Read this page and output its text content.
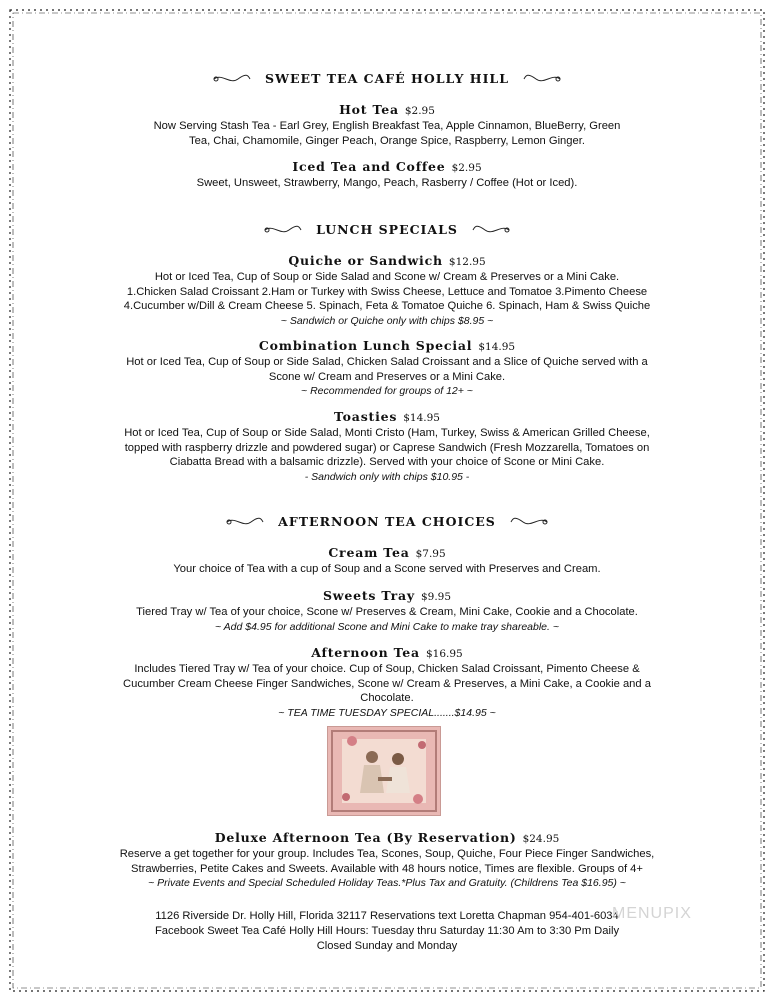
SWEET TEA CAFÉ HOLLY HILL
Hot Tea $2.95
Now Serving Stash Tea - Earl Grey, English Breakfast Tea, Apple Cinnamon, BlueBerry, Green Tea, Chai, Chamomile, Ginger Peach, Orange Spice, Raspberry, Lemon Ginger.
Iced Tea and Coffee $2.95
Sweet, Unsweet, Strawberry, Mango, Peach, Rasberry / Coffee (Hot or Iced).
LUNCH SPECIALS
Quiche or Sandwich $12.95
Hot or Iced Tea, Cup of Soup or Side Salad and Scone w/ Cream & Preserves or a Mini Cake.
1.Chicken Salad Croissant 2.Ham or Turkey with Swiss Cheese, Lettuce and Tomatoe 3.Pimento Cheese
4.Cucumber w/Dill & Cream Cheese 5. Spinach, Feta & Tomatoe Quiche 6. Spinach, Ham & Swiss Quiche
~ Sandwich or Quiche only with chips $8.95 ~
Combination Lunch Special $14.95
Hot or Iced Tea, Cup of Soup or Side Salad, Chicken Salad Croissant and a Slice of Quiche served with a
Scone w/ Cream and Preserves or a Mini Cake.
~ Recommended for groups of 12+ ~
Toasties $14.95
Hot or Iced Tea, Cup of Soup or Side Salad, Monti Cristo (Ham, Turkey, Swiss & American Grilled Cheese,
topped with raspberry drizzle and powdered sugar) or Caprese Sandwich (Fresh Mozzarella, Tomatoes on
Ciabatta Bread with a balsamic drizzle). Served with your choice of Scone or Mini Cake.
- Sandwich only with chips $10.95 -
AFTERNOON TEA CHOICES
Cream Tea $7.95
Your choice of Tea with a cup of Soup and a Scone served with Preserves and Cream.
Sweets Tray $9.95
Tiered Tray w/ Tea of your choice, Scone w/ Preserves & Cream, Mini Cake, Cookie and a Chocolate.
~ Add $4.95 for additional Scone and Mini Cake to make tray shareable. ~
Afternoon Tea $16.95
Includes Tiered Tray w/ Tea of your choice. Cup of Soup, Chicken Salad Croissant, Pimento Cheese &
Cucumber Cream Cheese Finger Sandwiches, Scone w/ Cream & Preserves, a Mini Cake, a Cookie and a
Chocolate.
~ TEA TIME TUESDAY SPECIAL.......$14.95 ~
Deluxe Afternoon Tea (By Reservation) $24.95
Reserve a get together for your group. Includes Tea, Scones, Soup, Quiche, Four Piece Finger Sandwiches,
Strawberries, Petite Cakes and Sweets. Available with 48 hours notice, Times are flexible. Groups of 4+
~ Private Events and Special Scheduled Holiday Teas.*Plus Tax and Gratuity. (Childrens Tea $16.95) ~
1126 Riverside Dr. Holly Hill, Florida 32117 Reservations text Loretta Chapman 954-401-6034
Facebook Sweet Tea Café Holly Hill Hours: Tuesday thru Saturday 11:30 Am to 3:30 Pm Daily
Closed Sunday and Monday
MENUPIX
